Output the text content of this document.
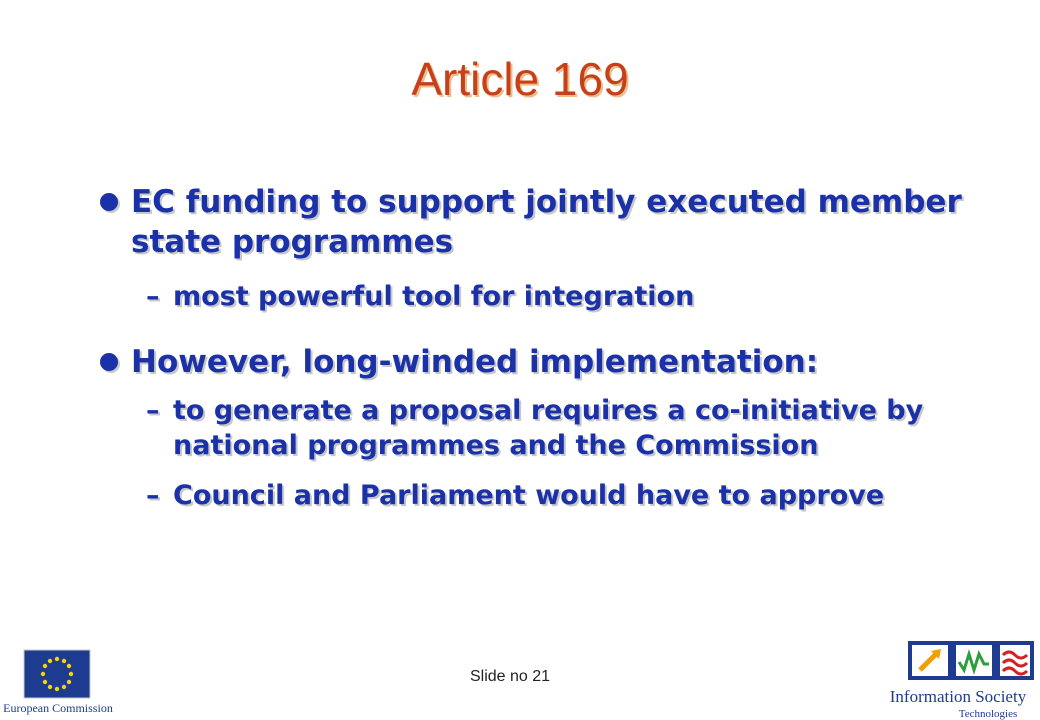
Article 169
EC funding to support jointly executed member state programmes
– most powerful tool for integration
However, long-winded implementation:
– to generate a proposal requires a co-initiative by national programmes and the Commission
– Council and Parliament would have to approve
Slide no 21
European Commission
Information Society
Technologies
